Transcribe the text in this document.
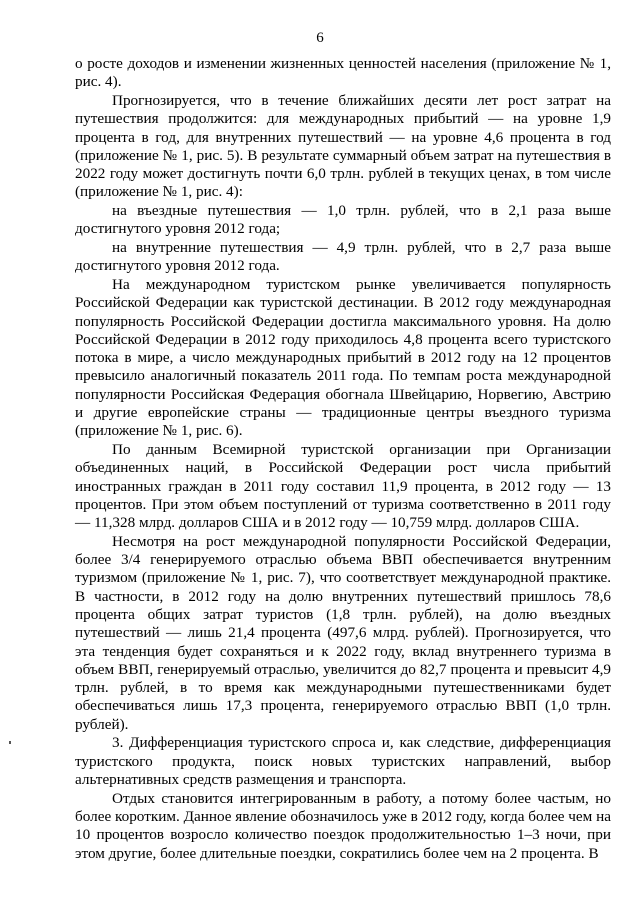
6

о росте доходов и изменении жизненных ценностей населения (приложение № 1, рис. 4).

Прогнозируется, что в течение ближайших десяти лет рост затрат на путешествия продолжится: для международных прибытий — на уровне 1,9 процента в год, для внутренних путешествий — на уровне 4,6 процента в год (приложение № 1, рис. 5). В результате суммарный объем затрат на путешествия в 2022 году может достигнуть почти 6,0 трлн. рублей в текущих ценах, в том числе (приложение № 1, рис. 4):

на въездные путешествия — 1,0 трлн. рублей, что в 2,1 раза выше достигнутого уровня 2012 года;

на внутренние путешествия — 4,9 трлн. рублей, что в 2,7 раза выше достигнутого уровня 2012 года.

На международном туристском рынке увеличивается популярность Российской Федерации как туристской дестинации. В 2012 году международная популярность Российской Федерации достигла максимального уровня. На долю Российской Федерации в 2012 году приходилось 4,8 процента всего туристского потока в мире, а число международных прибытий в 2012 году на 12 процентов превысило аналогичный показатель 2011 года. По темпам роста международной популярности Российская Федерация обогнала Швейцарию, Норвегию, Австрию и другие европейские страны — традиционные центры въездного туризма (приложение № 1, рис. 6).

По данным Всемирной туристской организации при Организации объединенных наций, в Российской Федерации рост числа прибытий иностранных граждан в 2011 году составил 11,9 процента, в 2012 году — 13 процентов. При этом объем поступлений от туризма соответственно в 2011 году — 11,328 млрд. долларов США и в 2012 году — 10,759 млрд. долларов США.

Несмотря на рост международной популярности Российской Федерации, более 3/4 генерируемого отраслью объема ВВП обеспечивается внутренним туризмом (приложение № 1, рис. 7), что соответствует международной практике. В частности, в 2012 году на долю внутренних путешествий пришлось 78,6 процента общих затрат туристов (1,8 трлн. рублей), на долю въездных путешествий — лишь 21,4 процента (497,6 млрд. рублей). Прогнозируется, что эта тенденция будет сохраняться и к 2022 году, вклад внутреннего туризма в объем ВВП, генерируемый отраслью, увеличится до 82,7 процента и превысит 4,9 трлн. рублей, в то время как международными путешественниками будет обеспечиваться лишь 17,3 процента, генерируемого отраслью ВВП (1,0 трлн. рублей).

3. Дифференциация туристского спроса и, как следствие, дифференциация туристского продукта, поиск новых туристских направлений, выбор альтернативных средств размещения и транспорта.

Отдых становится интегрированным в работу, а потому более частым, но более коротким. Данное явление обозначилось уже в 2012 году, когда более чем на 10 процентов возросло количество поездок продолжительностью 1–3 ночи, при этом другие, более длительные поездки, сократились более чем на 2 процента. В
